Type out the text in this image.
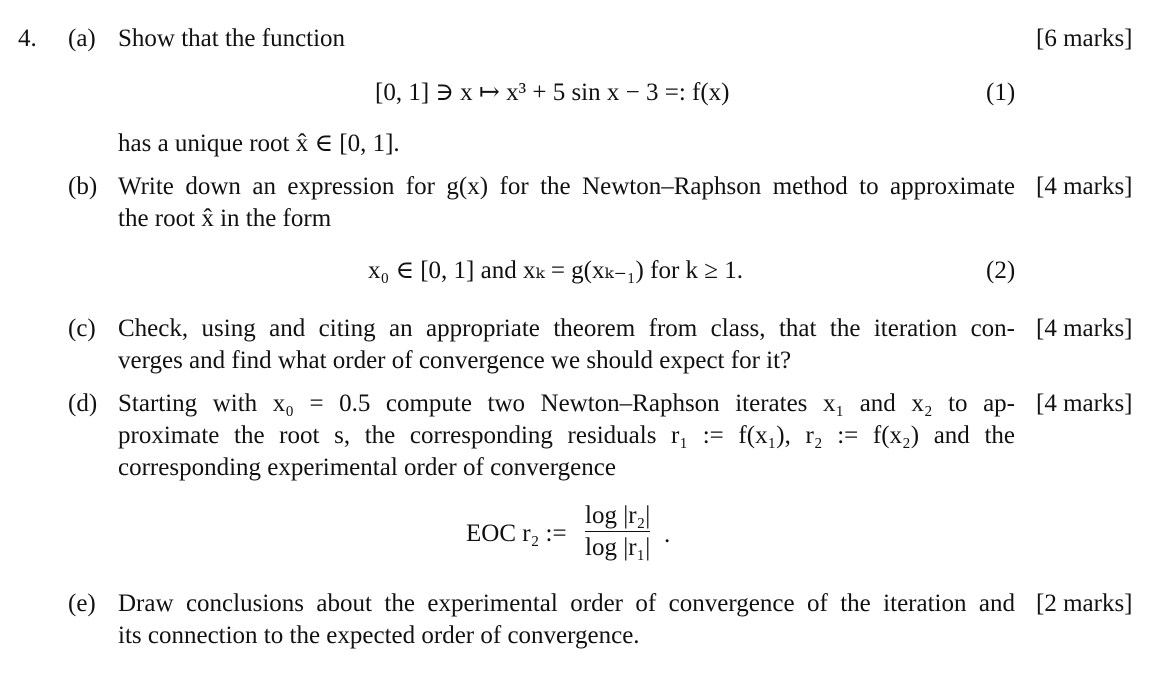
4. (a) Show that the function	[6 marks]
[0, 1] ∋ x ↦ x³ + 5 sin x − 3 =: f(x)	(1)
has a unique root x̂ ∈ [0, 1].
(b) Write down an expression for g(x) for the Newton–Raphson method to approximate [4 marks]
the root x̂ in the form
x₀ ∈ [0, 1] and xₖ = g(xₖ₋₁) for k ≥ 1.	(2)
(c) Check, using and citing an appropriate theorem from class, that the iteration con- [4 marks]
verges and find what order of convergence we should expect for it?
(d) Starting with x₀ = 0.5 compute two Newton–Raphson iterates x₁ and x₂ to ap- [4 marks]
proximate the root s, the corresponding residuals r₁ := f(x₁), r₂ := f(x₂) and the
corresponding experimental order of convergence
EOC r₂ :=
log |r₂|
log |r₁| .
(e) Draw conclusions about the experimental order of convergence of the iteration and [2 marks]
its connection to the expected order of convergence.
